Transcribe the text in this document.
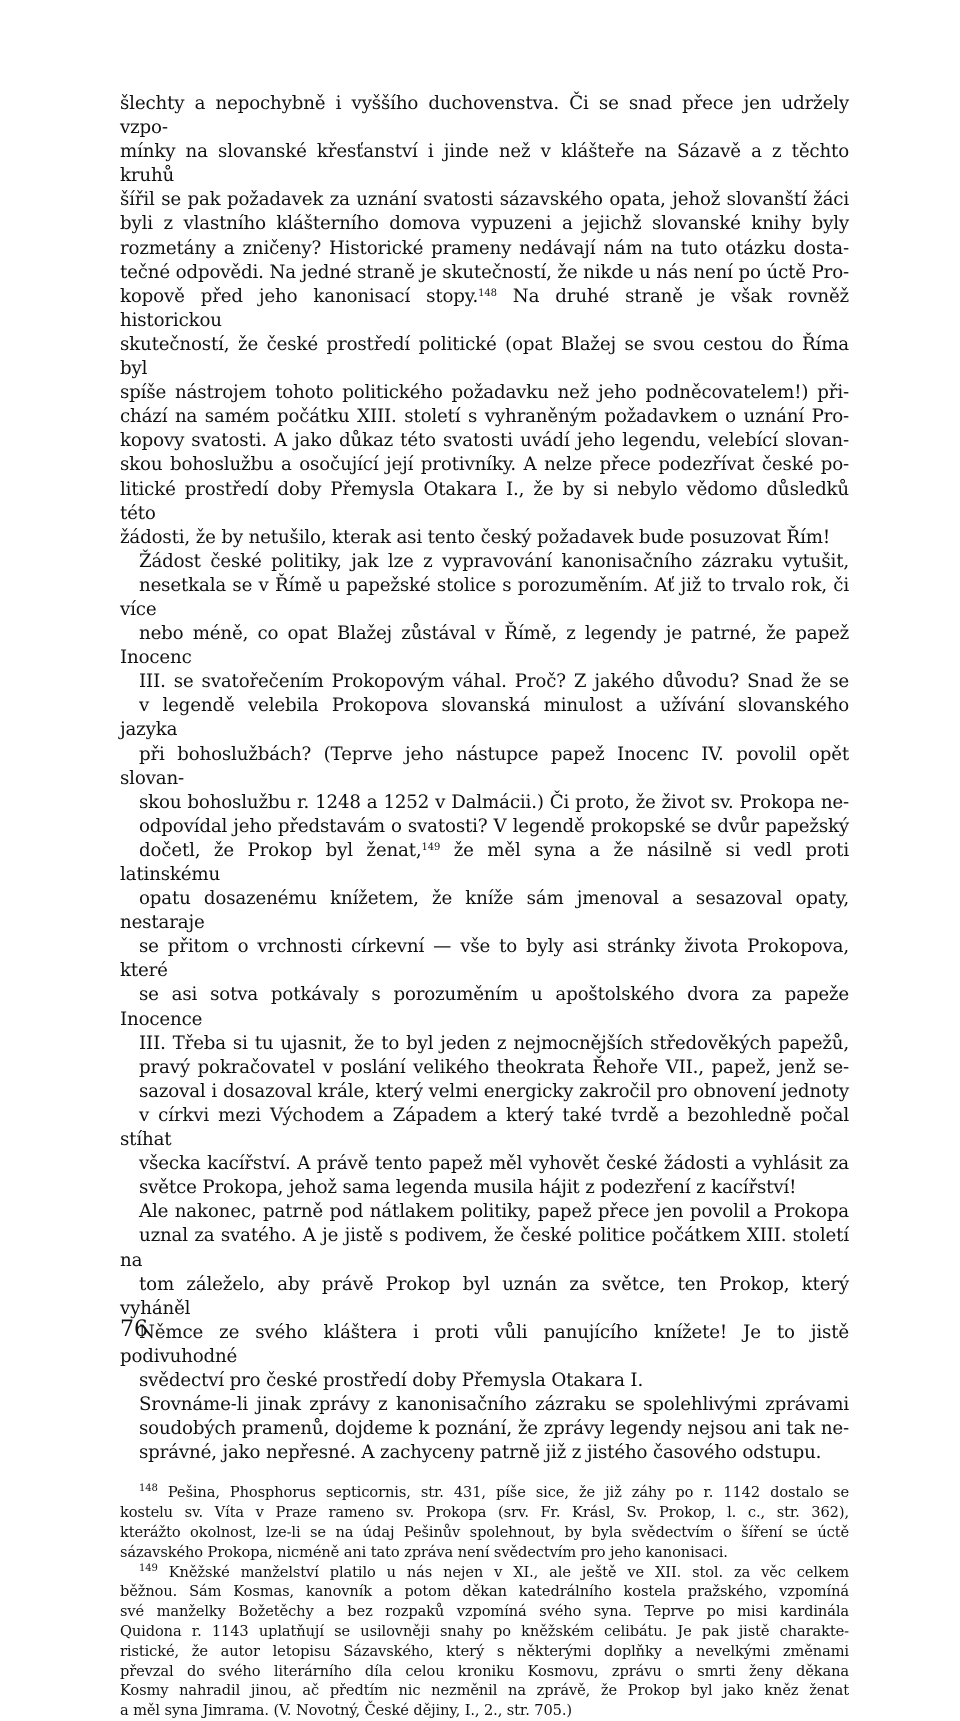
šlechty a nepochybně i vyššího duchovenstva. Či se snad přece jen udržely vzpo-
mínky na slovanské křesťanství i jinde než v klášteře na Sázavě a z těchto kruhů
šířil se pak požadavek za uznání svatosti sázavského opata, jehož slovanští žáci
byli z vlastního klášterního domova vypuzeni a jejichž slovanské knihy byly
rozmetány a zničeny? Historické prameny nedávají nám na tuto otázku dosta-
tečné odpovědi. Na jedné straně je skutečností, že nikde u nás není po úctě Pro-
kopově před jeho kanonisací stopy.$^{148}$ Na druhé straně je však rovněž historickou
skutečností, že české prostředí politické (opat Blažej se svou cestou do Říma byl
spíše nástrojem tohoto politického požadavku než jeho podněcovatelem!) při-
chází na samém počátku XIII. století s vyhraněným požadavkem o uznání Pro-
kopovy svatosti. A jako důkaz této svatosti uvádí jeho legendu, velebící slovan-
skou bohoslužbu a osočující její protivníky. A nelze přece podezřívat české po-
litické prostředí doby Přemysla Otakara I., že by si nebylo vědomo důsledků této
žádosti, že by netušilo, kterak asi tento český požadavek bude posuzovat Řím!

Žádost české politiky, jak lze z vypravování kanonisačního zázraku vytušit,
nesetkala se v Římě u papežské stolice s porozuměním. Ať již to trvalo rok, či více
nebo méně, co opat Blažej zůstával v Římě, z legendy je patrné, že papež Inocenc
III. se svatořečením Prokopovým váhal. Proč? Z jakého důvodu? Snad že se
v legendě velebila Prokopova slovanská minulost a užívání slovanského jazyka
při bohoslužbách? (Teprve jeho nástupce papež Inocenc IV. povolil opět slovan-
skou bohoslužbu r. 1248 a 1252 v Dalmácii.) Či proto, že život sv. Prokopa ne-
odpovídal jeho představám o svatosti? V legendě prokopské se dvůr papežský
dočetl, že Prokop byl ženat,$^{149}$ že měl syna a že násilně si vedl proti latinskému
opatu dosazenému knížetem, že kníže sám jmenoval a sesazoval opaty, nestaraje
se přitom o vrchnosti církevní — vše to byly asi stránky života Prokopova, které
se asi sotva potkávaly s porozuměním u apoštolského dvora za papeže Inocence
III. Třeba si tu ujasnit, že to byl jeden z nejmocnějších středověkých papežů,
pravý pokračovatel v poslání velikého theokrata Řehoře VII., papež, jenž se-
sazoval i dosazoval krále, který velmi energicky zakročil pro obnovení jednoty
v církvi mezi Východem a Západem a který také tvrdě a bezohledně počal stíhat
všecka kacířství. A právě tento papež měl vyhovět české žádosti a vyhlásit za
světce Prokopa, jehož sama legenda musila hájit z podezření z kacířství!

Ale nakonec, patrně pod nátlakem politiky, papež přece jen povolil a Prokopa
uznal za svatého. A je jistě s podivem, že české politice počátkem XIII. století na
tom záleželo, aby právě Prokop byl uznán za světce, ten Prokop, který vyháněl
Němce ze svého kláštera i proti vůli panujícího knížete! Je to jistě podivuhodné
svědectví pro české prostředí doby Přemysla Otakara I.

Srovnáme-li jinak zprávy z kanonisačního zázraku se spolehlivými zprávami
soudobých pramenů, dojdeme k poznání, že zprávy legendy nejsou ani tak ne-
správné, jako nepřesné. A zachyceny patrně již z jistého časového odstupu.

$^{148}$ Pešina, Phosphorus septicornis, str. 431, píše sice, že již záhy po r. 1142 dostalo se
kostelu sv. Víta v Praze rameno sv. Prokopa (srv. Fr. Krásl, Sv. Prokop, l. c., str. 362),
kterážto okolnost, lze-li se na údaj Pešinův spolehnout, by byla svědectvím o šíření se úctě
sázavského Prokopa, nicméně ani tato zpráva není svědectvím pro jeho kanonisaci.

$^{149}$ Kněžské manželství platilo u nás nejen v XI., ale ještě ve XII. stol. za věc celkem
běžnou. Sám Kosmas, kanovník a potom děkan katedrálního kostela pražského, vzpomíná
své manželky Božetěchy a bez rozpaků vzpomíná svého syna. Teprve po misi kardinála
Quidona r. 1143 uplatňují se usilovněji snahy po kněžském celibátu. Je pak jistě charakte-
ristické, že autor letopisu Sázavského, který s některými doplňky a nevelkými změnami
převzal do svého literárního díla celou kroniku Kosmovu, zprávu o smrti ženy děkana
Kosmy nahradil jinou, ač předtím nic nezměnil na zprávě, že Prokop byl jako kněz ženat
a měl syna Jimrama. (V. Novotný, České dějiny, I., 2., str. 705.)

76
